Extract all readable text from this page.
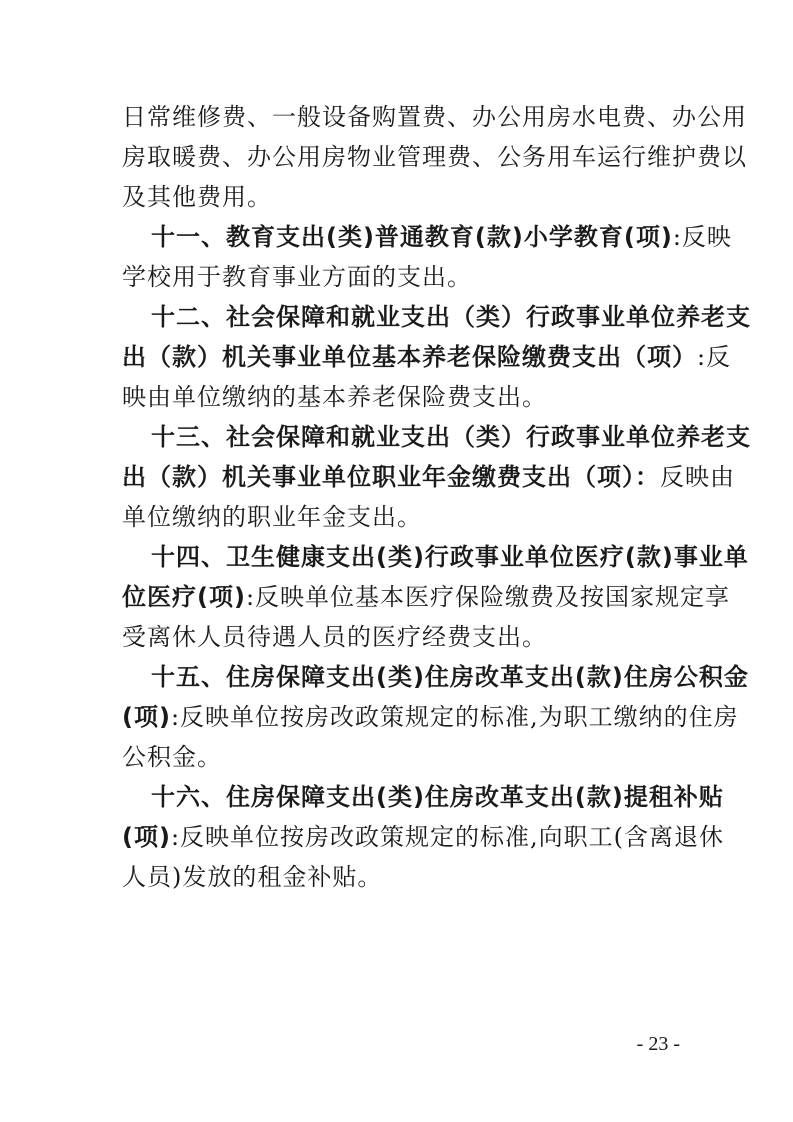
日常维修费、一般设备购置费、办公用房水电费、办公用
房取暖费、办公用房物业管理费、公务用车运行维护费以
及其他费用。
十一、教育支出(类)普通教育(款)小学教育(项):反映
学校用于教育事业方面的支出。
十二、社会保障和就业支出（类）行政事业单位养老支
出（款）机关事业单位基本养老保险缴费支出（项）:反
映由单位缴纳的基本养老保险费支出。
十三、社会保障和就业支出（类）行政事业单位养老支
出（款）机关事业单位职业年金缴费支出（项）：反映由
单位缴纳的职业年金支出。
十四、卫生健康支出(类)行政事业单位医疗(款)事业单
位医疗(项):反映单位基本医疗保险缴费及按国家规定享
受离休人员待遇人员的医疗经费支出。
十五、住房保障支出(类)住房改革支出(款)住房公积金
(项):反映单位按房改政策规定的标准,为职工缴纳的住房
公积金。
十六、住房保障支出(类)住房改革支出(款)提租补贴
(项):反映单位按房改政策规定的标准,向职工(含离退休
人员)发放的租金补贴。
- 23 -
